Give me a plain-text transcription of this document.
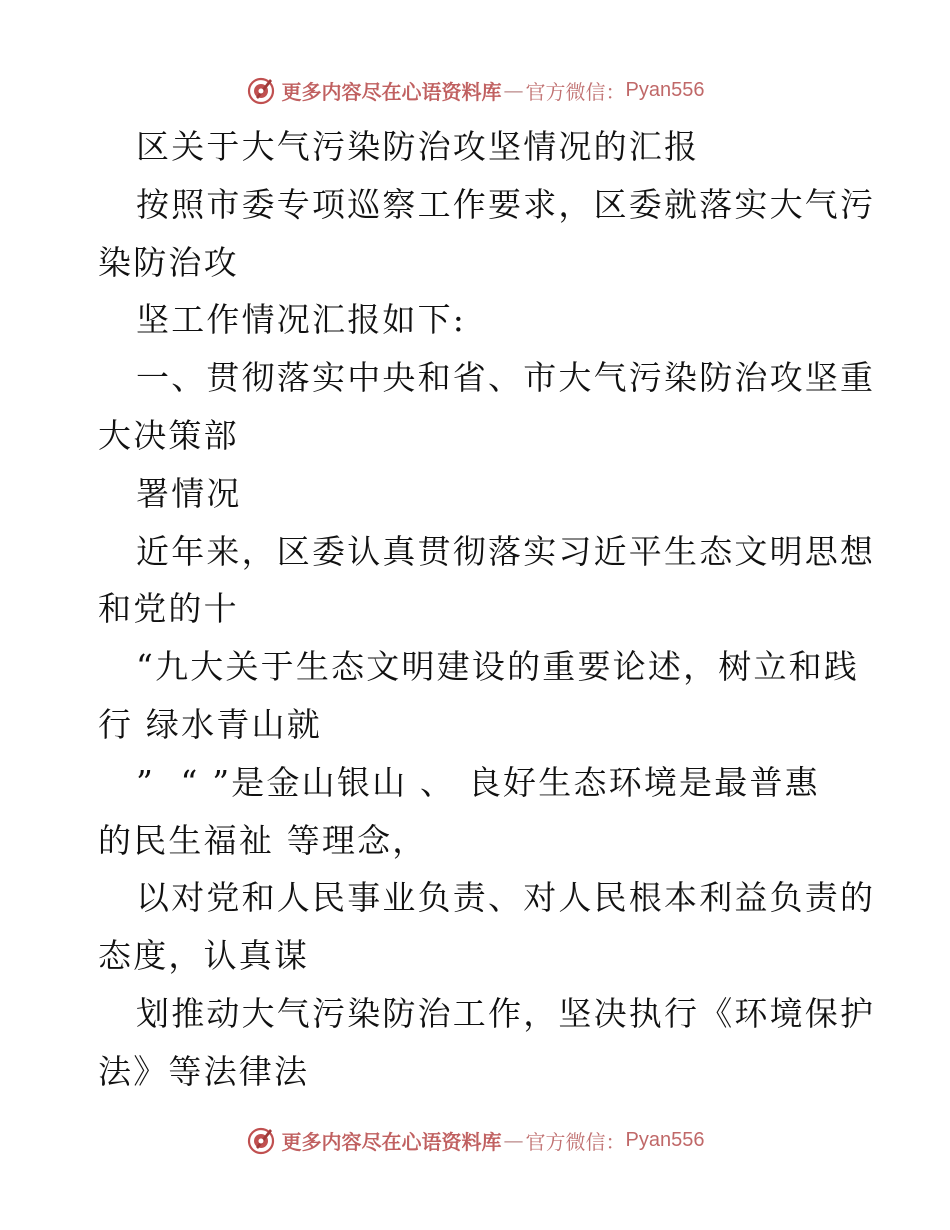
更多内容尽在心语资料库 — 官方微信： Pyan556
区关于大气污染防治攻坚情况的汇报
按照市委专项巡察工作要求，区委就落实大气污
染防治攻
坚工作情况汇报如下:
一、贯彻落实中央和省、市大气污染防治攻坚重
大决策部
署情况
近年来，区委认真贯彻落实习近平生态文明思想
和党的十
“九大关于生态文明建设的重要论述，树立和践
行 绿水青山就
”  “ ”是金山银山 、 良好生态环境是最普惠
的民生福祉 等理念，
以对党和人民事业负责、对人民根本利益负责的
态度，认真谋
划推动大气污染防治工作，坚决执行《环境保护
法》等法律法
更多内容尽在心语资料库 — 官方微信： Pyan556
